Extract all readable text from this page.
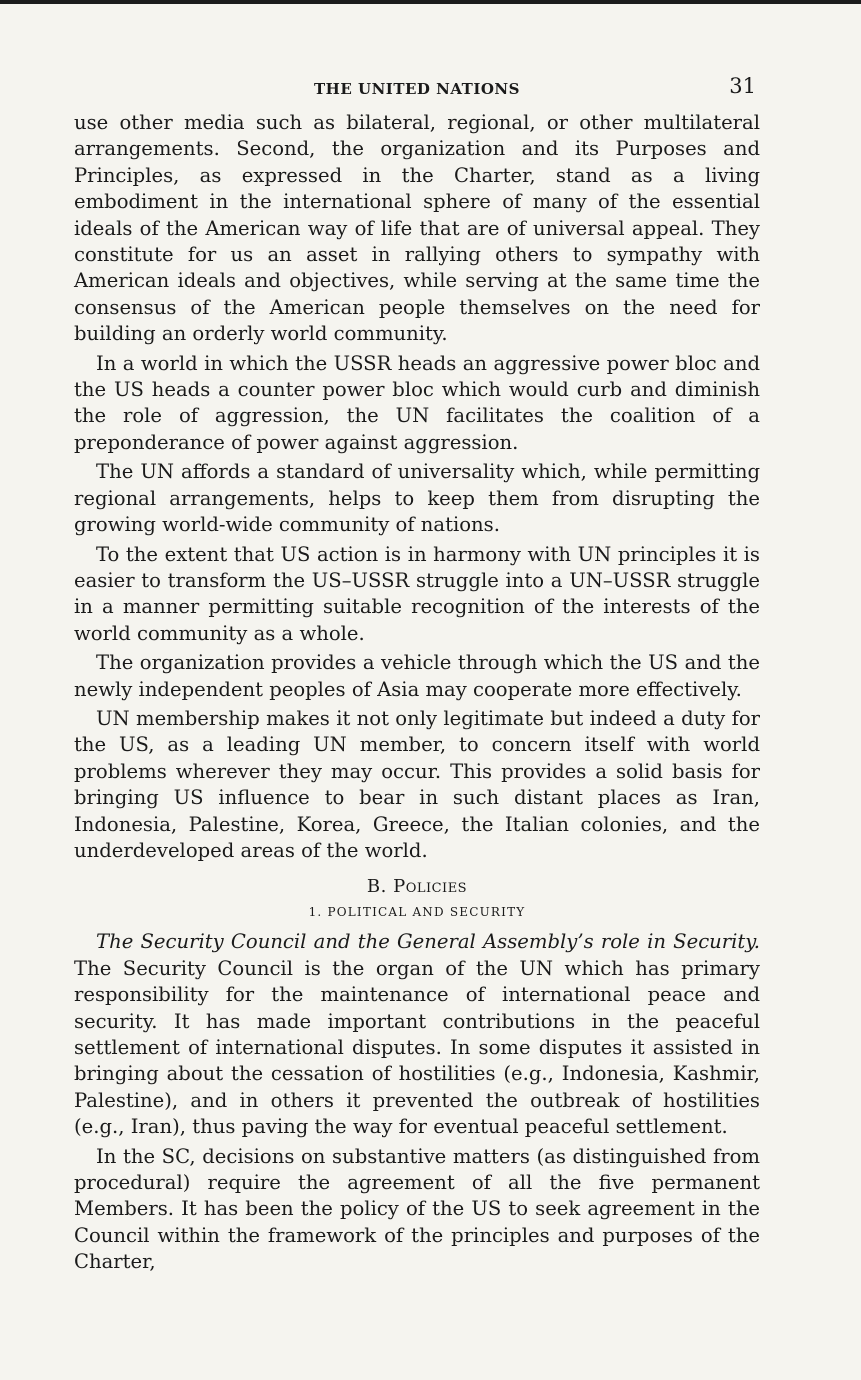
THE UNITED NATIONS	31

use other media such as bilateral, regional, or other multilateral arrangements. Second, the organization and its Purposes and Principles, as expressed in the Charter, stand as a living embodiment in the international sphere of many of the essential ideals of the American way of life that are of universal appeal. They constitute for us an asset in rallying others to sympathy with American ideals and objectives, while serving at the same time the consensus of the American people themselves on the need for building an orderly world community.

In a world in which the USSR heads an aggressive power bloc and the US heads a counter power bloc which would curb and diminish the role of aggression, the UN facilitates the coalition of a preponderance of power against aggression.

The UN affords a standard of universality which, while permitting regional arrangements, helps to keep them from disrupting the growing world-wide community of nations.

To the extent that US action is in harmony with UN principles it is easier to transform the US–USSR struggle into a UN–USSR struggle in a manner permitting suitable recognition of the interests of the world community as a whole.

The organization provides a vehicle through which the US and the newly independent peoples of Asia may cooperate more effectively.

UN membership makes it not only legitimate but indeed a duty for the US, as a leading UN member, to concern itself with world problems wherever they may occur. This provides a solid basis for bringing US influence to bear in such distant places as Iran, Indonesia, Palestine, Korea, Greece, the Italian colonies, and the underdeveloped areas of the world.

B. Policies
1. POLITICAL AND SECURITY

The Security Council and the General Assembly’s role in Security. The Security Council is the organ of the UN which has primary responsibility for the maintenance of international peace and security. It has made important contributions in the peaceful settlement of international disputes. In some disputes it assisted in bringing about the cessation of hostilities (e.g., Indonesia, Kashmir, Palestine), and in others it prevented the outbreak of hostilities (e.g., Iran), thus paving the way for eventual peaceful settlement.

In the SC, decisions on substantive matters (as distinguished from procedural) require the agreement of all the five permanent Members. It has been the policy of the US to seek agreement in the Council within the framework of the principles and purposes of the Charter,
